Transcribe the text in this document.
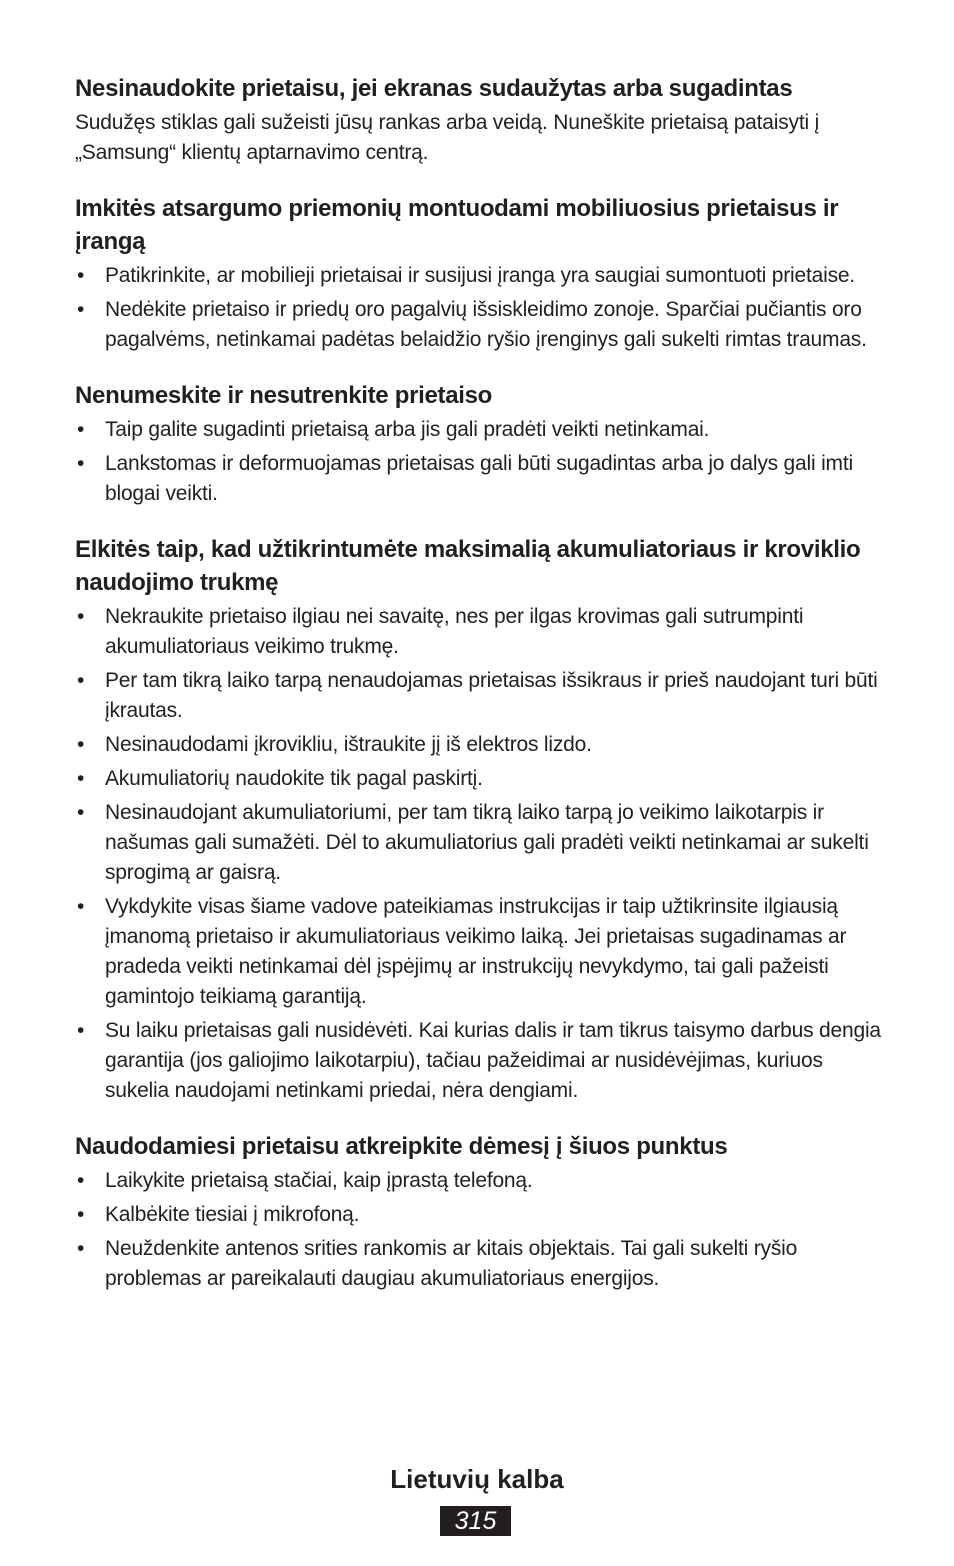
Nesinaudokite prietaisu, jei ekranas sudaužytas arba sugadintas

Sudužęs stiklas gali sužeisti jūsų rankas arba veidą. Nuneškite prietaisą pataisyti į „Samsung“ klientų aptarnavimo centrą.

Imkitės atsargumo priemonių montuodami mobiliuosius prietaisus ir įrangą
• Patikrinkite, ar mobilieji prietaisai ir susijusi įranga yra saugiai sumontuoti prietaise.
• Nedėkite prietaiso ir priedų oro pagalvių išsiskleidimo zonoje. Sparčiai pučiantis oro pagalvėms, netinkamai padėtas belaidžio ryšio įrenginys gali sukelti rimtas traumas.
Nenumeskite ir nesutrenkite prietaiso
• Taip galite sugadinti prietaisą arba jis gali pradėti veikti netinkamai.
• Lankstomas ir deformuojamas prietaisas gali būti sugadintas arba jo dalys gali imti blogai veikti.
Elkitės taip, kad užtikrintumėte maksimalią akumuliatoriaus ir kroviklio naudojimo trukmę
• Nekraukite prietaiso ilgiau nei savaitę, nes per ilgas krovimas gali sutrumpinti akumuliatoriaus veikimo trukmę.
• Per tam tikrą laiko tarpą nenaudojamas prietaisas išsikraus ir prieš naudojant turi būti įkrautas.
• Nesinaudodami įkrovikliu, ištraukite jį iš elektros lizdo.
• Akumuliatorių naudokite tik pagal paskirtį.
• Nesinaudojant akumuliatoriumi, per tam tikrą laiko tarpą jo veikimo laikotarpis ir našumas gali sumažėti. Dėl to akumuliatorius gali pradėti veikti netinkamai ar sukelti sprogimą ar gaisrą.
• Vykdykite visas šiame vadove pateikiamas instrukcijas ir taip užtikrinsite ilgiausią įmanomą prietaiso ir akumuliatoriaus veikimo laiką. Jei prietaisas sugadinamas ar pradeda veikti netinkamai dėl įspėjimų ar instrukcijų nevykdymo, tai gali pažeisti gamintojo teikiamą garantiją.
• Su laiku prietaisas gali nusidėvėti. Kai kurias dalis ir tam tikrus taisymo darbus dengia garantija (jos galiojimo laikotarpiu), tačiau pažeidimai ar nusidėvėjimas, kuriuos sukelia naudojami netinkami priedai, nėra dengiami.
Naudodamiesi prietaisu atkreipkite dėmesį į šiuos punktus
• Laikykite prietaisą stačiai, kaip įprastą telefoną.
• Kalbėkite tiesiai į mikrofoną.
• Neuždenkite antenos srities rankomis ar kitais objektais. Tai gali sukelti ryšio problemas ar pareikalauti daugiau akumuliatoriaus energijos.
Lietuvių kalba
315
